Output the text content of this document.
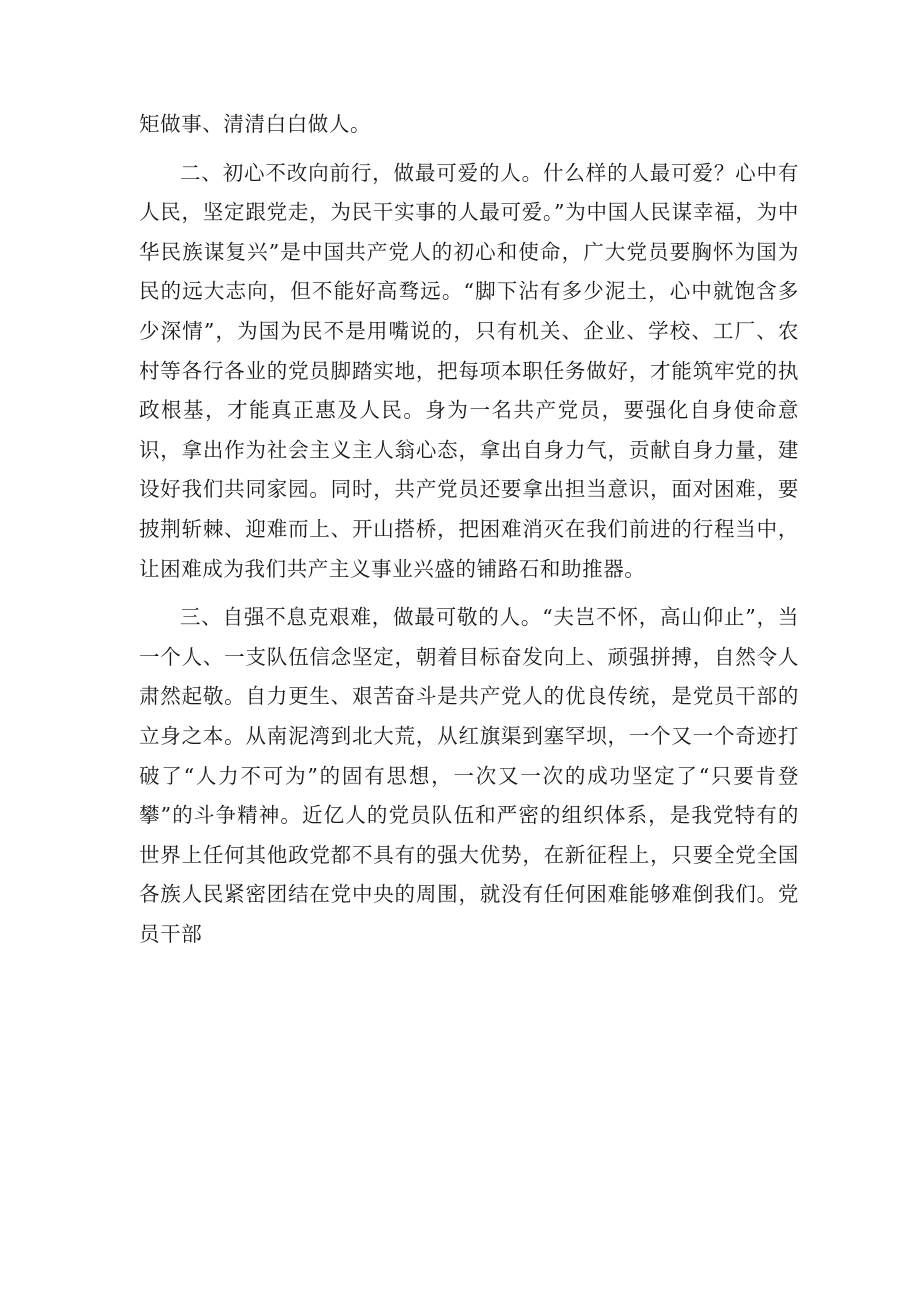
矩做事、清清白白做人。

二、初心不改向前行，做最可爱的人。什么样的人最可爱？心中有人民，坚定跟党走，为民干实事的人最可爱。”为中国人民谋幸福，为中华民族谋复兴”是中国共产党人的初心和使命，广大党员要胸怀为国为民的远大志向，但不能好高骛远。“脚下沾有多少泥土，心中就饱含多少深情”，为国为民不是用嘴说的，只有机关、企业、学校、工厂、农村等各行各业的党员脚踏实地，把每项本职任务做好，才能筑牢党的执政根基，才能真正惠及人民。身为一名共产党员，要强化自身使命意识，拿出作为社会主义主人翁心态，拿出自身力气，贡献自身力量，建设好我们共同家园。同时，共产党员还要拿出担当意识，面对困难，要披荆斩棘、迎难而上、开山搭桥，把困难消灭在我们前进的行程当中，让困难成为我们共产主义事业兴盛的铺路石和助推器。

三、自强不息克艰难，做最可敬的人。“夫岂不怀，高山仰止”，当一个人、一支队伍信念坚定，朝着目标奋发向上、顽强拼搏，自然令人肃然起敬。自力更生、艰苦奋斗是共产党人的优良传统，是党员干部的立身之本。从南泥湾到北大荒，从红旗渠到塞罕坝，一个又一个奇迹打破了“人力不可为”的固有思想，一次又一次的成功坚定了“只要肯登攀”的斗争精神。近亿人的党员队伍和严密的组织体系，是我党特有的世界上任何其他政党都不具有的强大优势，在新征程上，只要全党全国各族人民紧密团结在党中央的周围，就没有任何困难能够难倒我们。党员干部
